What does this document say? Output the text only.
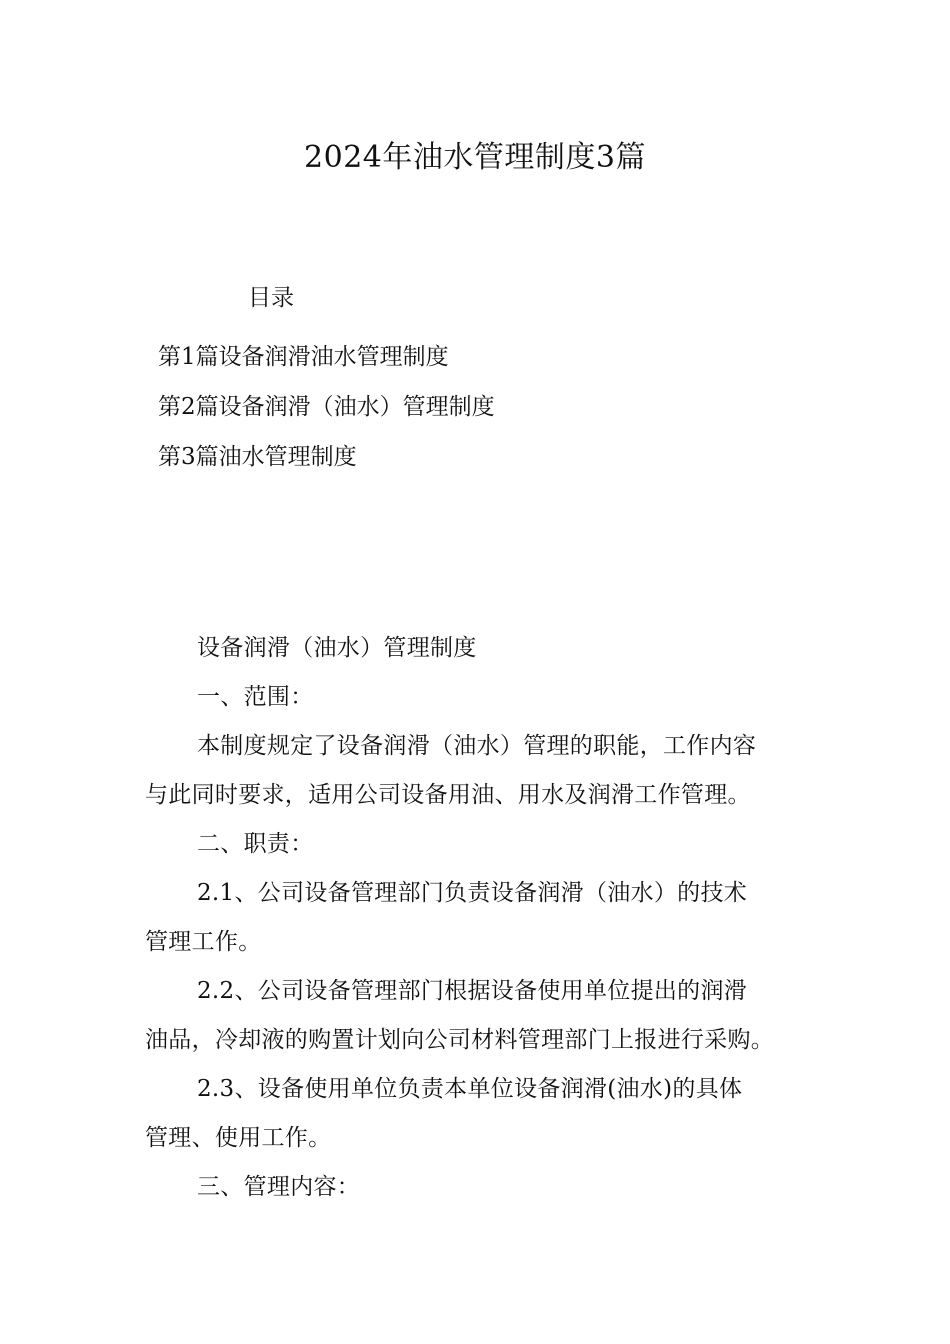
2024年油水管理制度3篇
目录
第1篇设备润滑油水管理制度
第2篇设备润滑（油水）管理制度
第3篇油水管理制度

设备润滑（油水）管理制度

一、范围：

本制度规定了设备润滑（油水）管理的职能，工作内容

与此同时要求，适用公司设备用油、用水及润滑工作管理。

二、职责：

2.1、公司设备管理部门负责设备润滑（油水）的技术

管理工作。

2.2、公司设备管理部门根据设备使用单位提出的润滑

油品，冷却液的购置计划向公司材料管理部门上报进行采购。

2.3、设备使用单位负责本单位设备润滑(油水)的具体

管理、使用工作。

三、管理内容：
